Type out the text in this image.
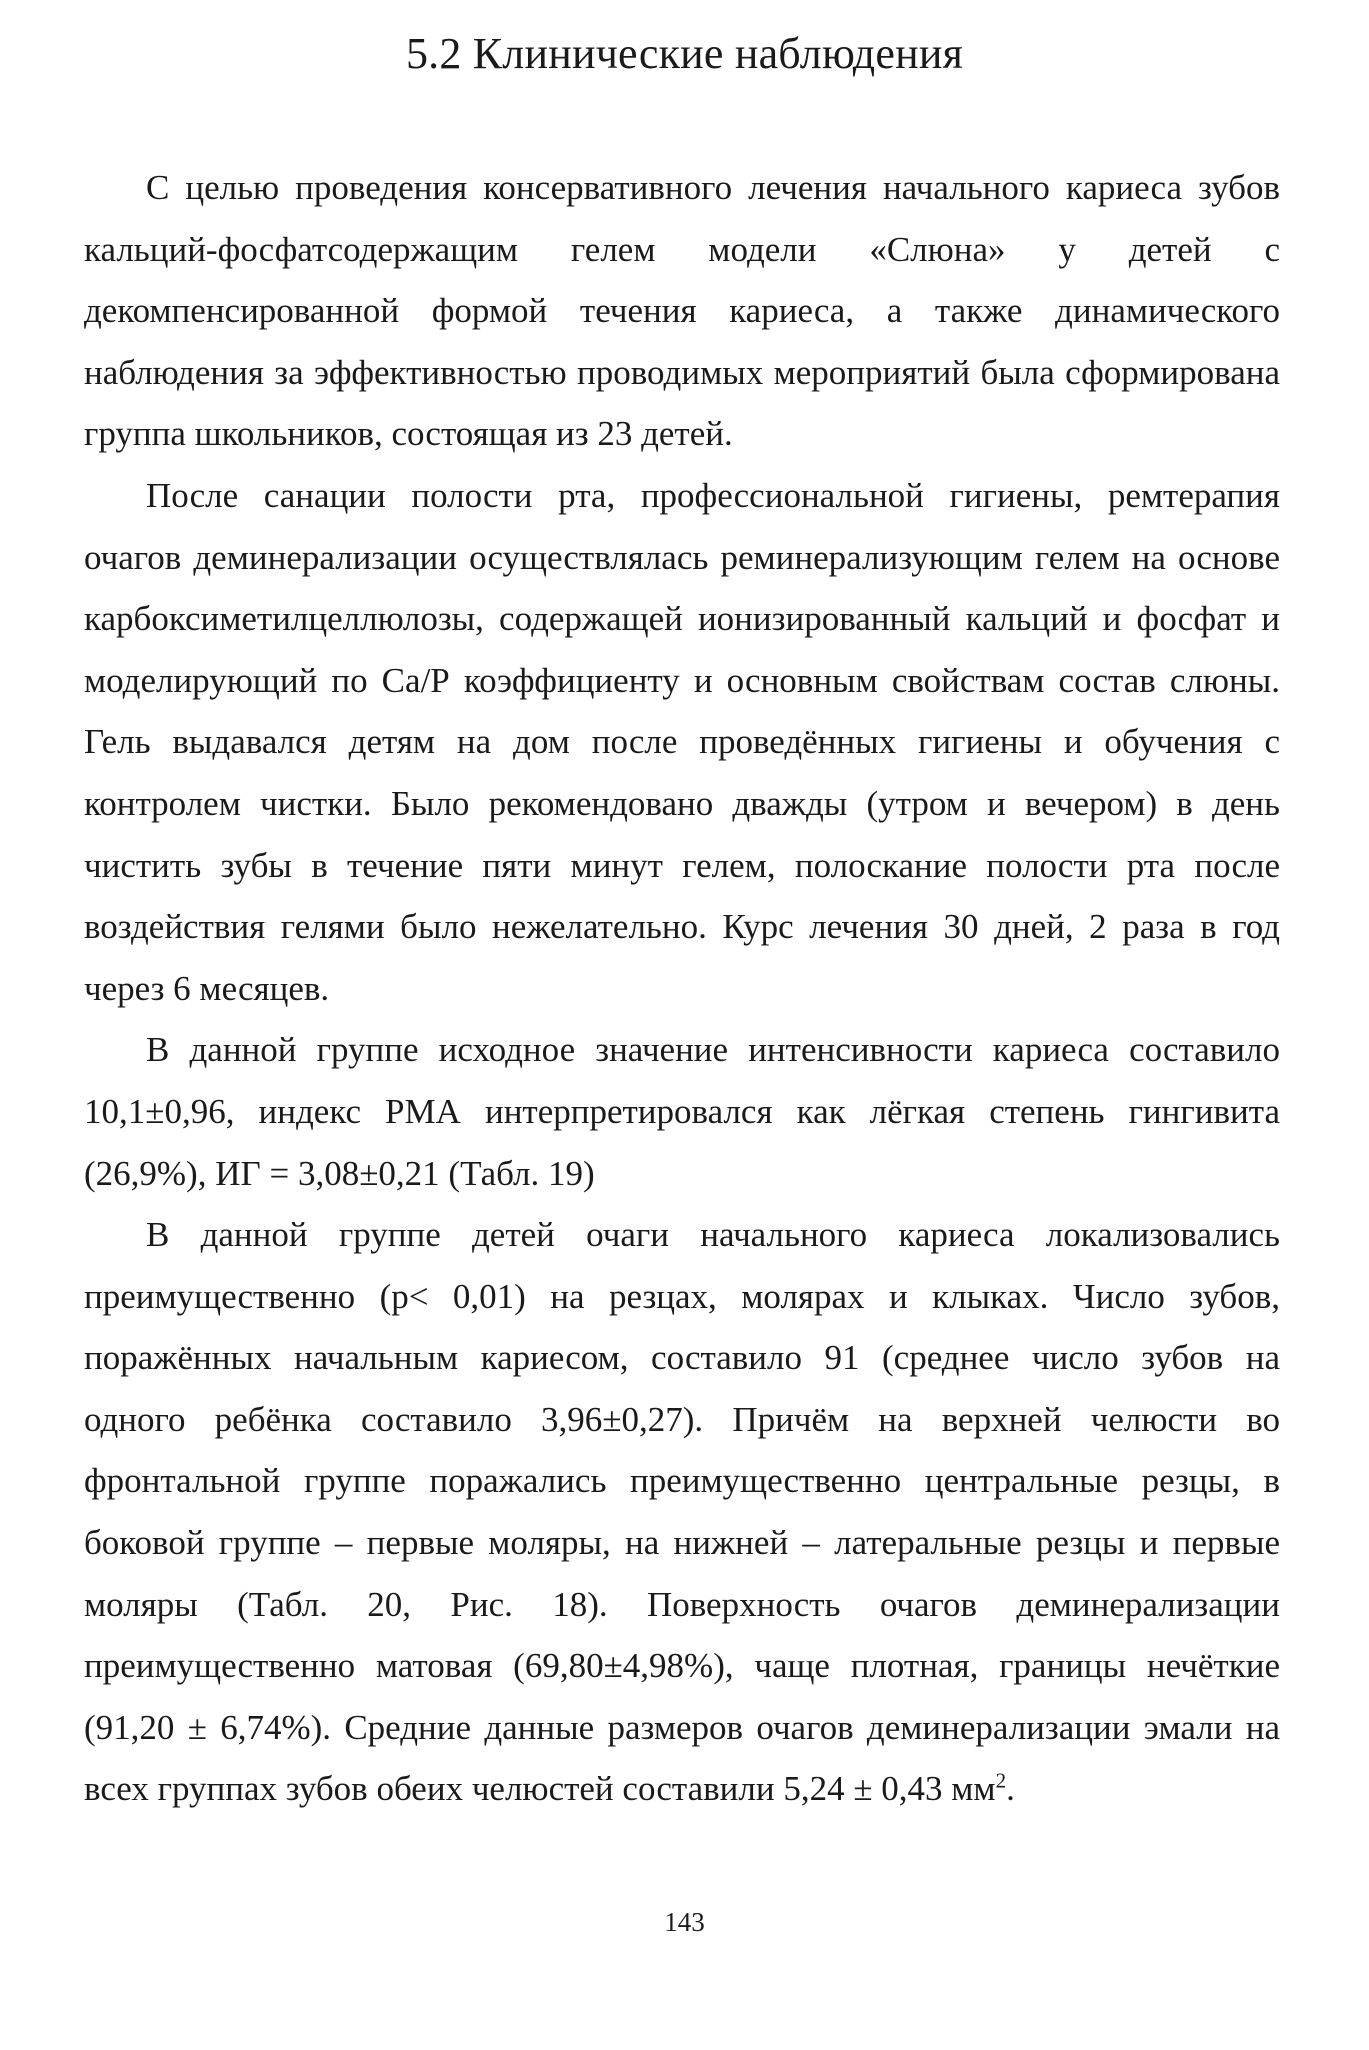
5.2 Клинические наблюдения

С целью проведения консервативного лечения начального кариеса зубов кальций-фосфатсодержащим гелем модели «Слюна» у детей с декомпенсированной формой течения кариеса, а также динамического наблюдения за эффективностью проводимых мероприятий была сформирована группа школьников, состоящая из 23 детей.

После санации полости рта, профессиональной гигиены, ремтерапия очагов деминерализации осуществлялась реминерализующим гелем на основе карбоксиметилцеллюлозы, содержащей ионизированный кальций и фосфат и моделирующий по Са/Р коэффициенту и основным свойствам состав слюны. Гель выдавался детям на дом после проведённых гигиены и обучения с контролем чистки. Было рекомендовано дважды (утром и вечером) в день чистить зубы в течение пяти минут гелем, полоскание полости рта после воздействия гелями было нежелательно. Курс лечения 30 дней, 2 раза в год через 6 месяцев.

В данной группе исходное значение интенсивности кариеса составило 10,1±0,96, индекс РМА интерпретировался как лёгкая степень гингивита (26,9%), ИГ = 3,08±0,21 (Табл. 19)

В данной группе детей очаги начального кариеса локализовались преимущественно (р< 0,01) на резцах, молярах и клыках. Число зубов, поражённых начальным кариесом, составило 91 (среднее число зубов на одного ребёнка составило 3,96±0,27). Причём на верхней челюсти во фронтальной группе поражались преимущественно центральные резцы, в боковой группе – первые моляры, на нижней – латеральные резцы и первые моляры (Табл. 20, Рис. 18). Поверхность очагов деминерализации преимущественно матовая (69,80±4,98%), чаще плотная, границы нечёткие (91,20 ± 6,74%). Средние данные размеров очагов деминерализации эмали на всех группах зубов обеих челюстей составили 5,24 ± 0,43 $мм^2$.

143
